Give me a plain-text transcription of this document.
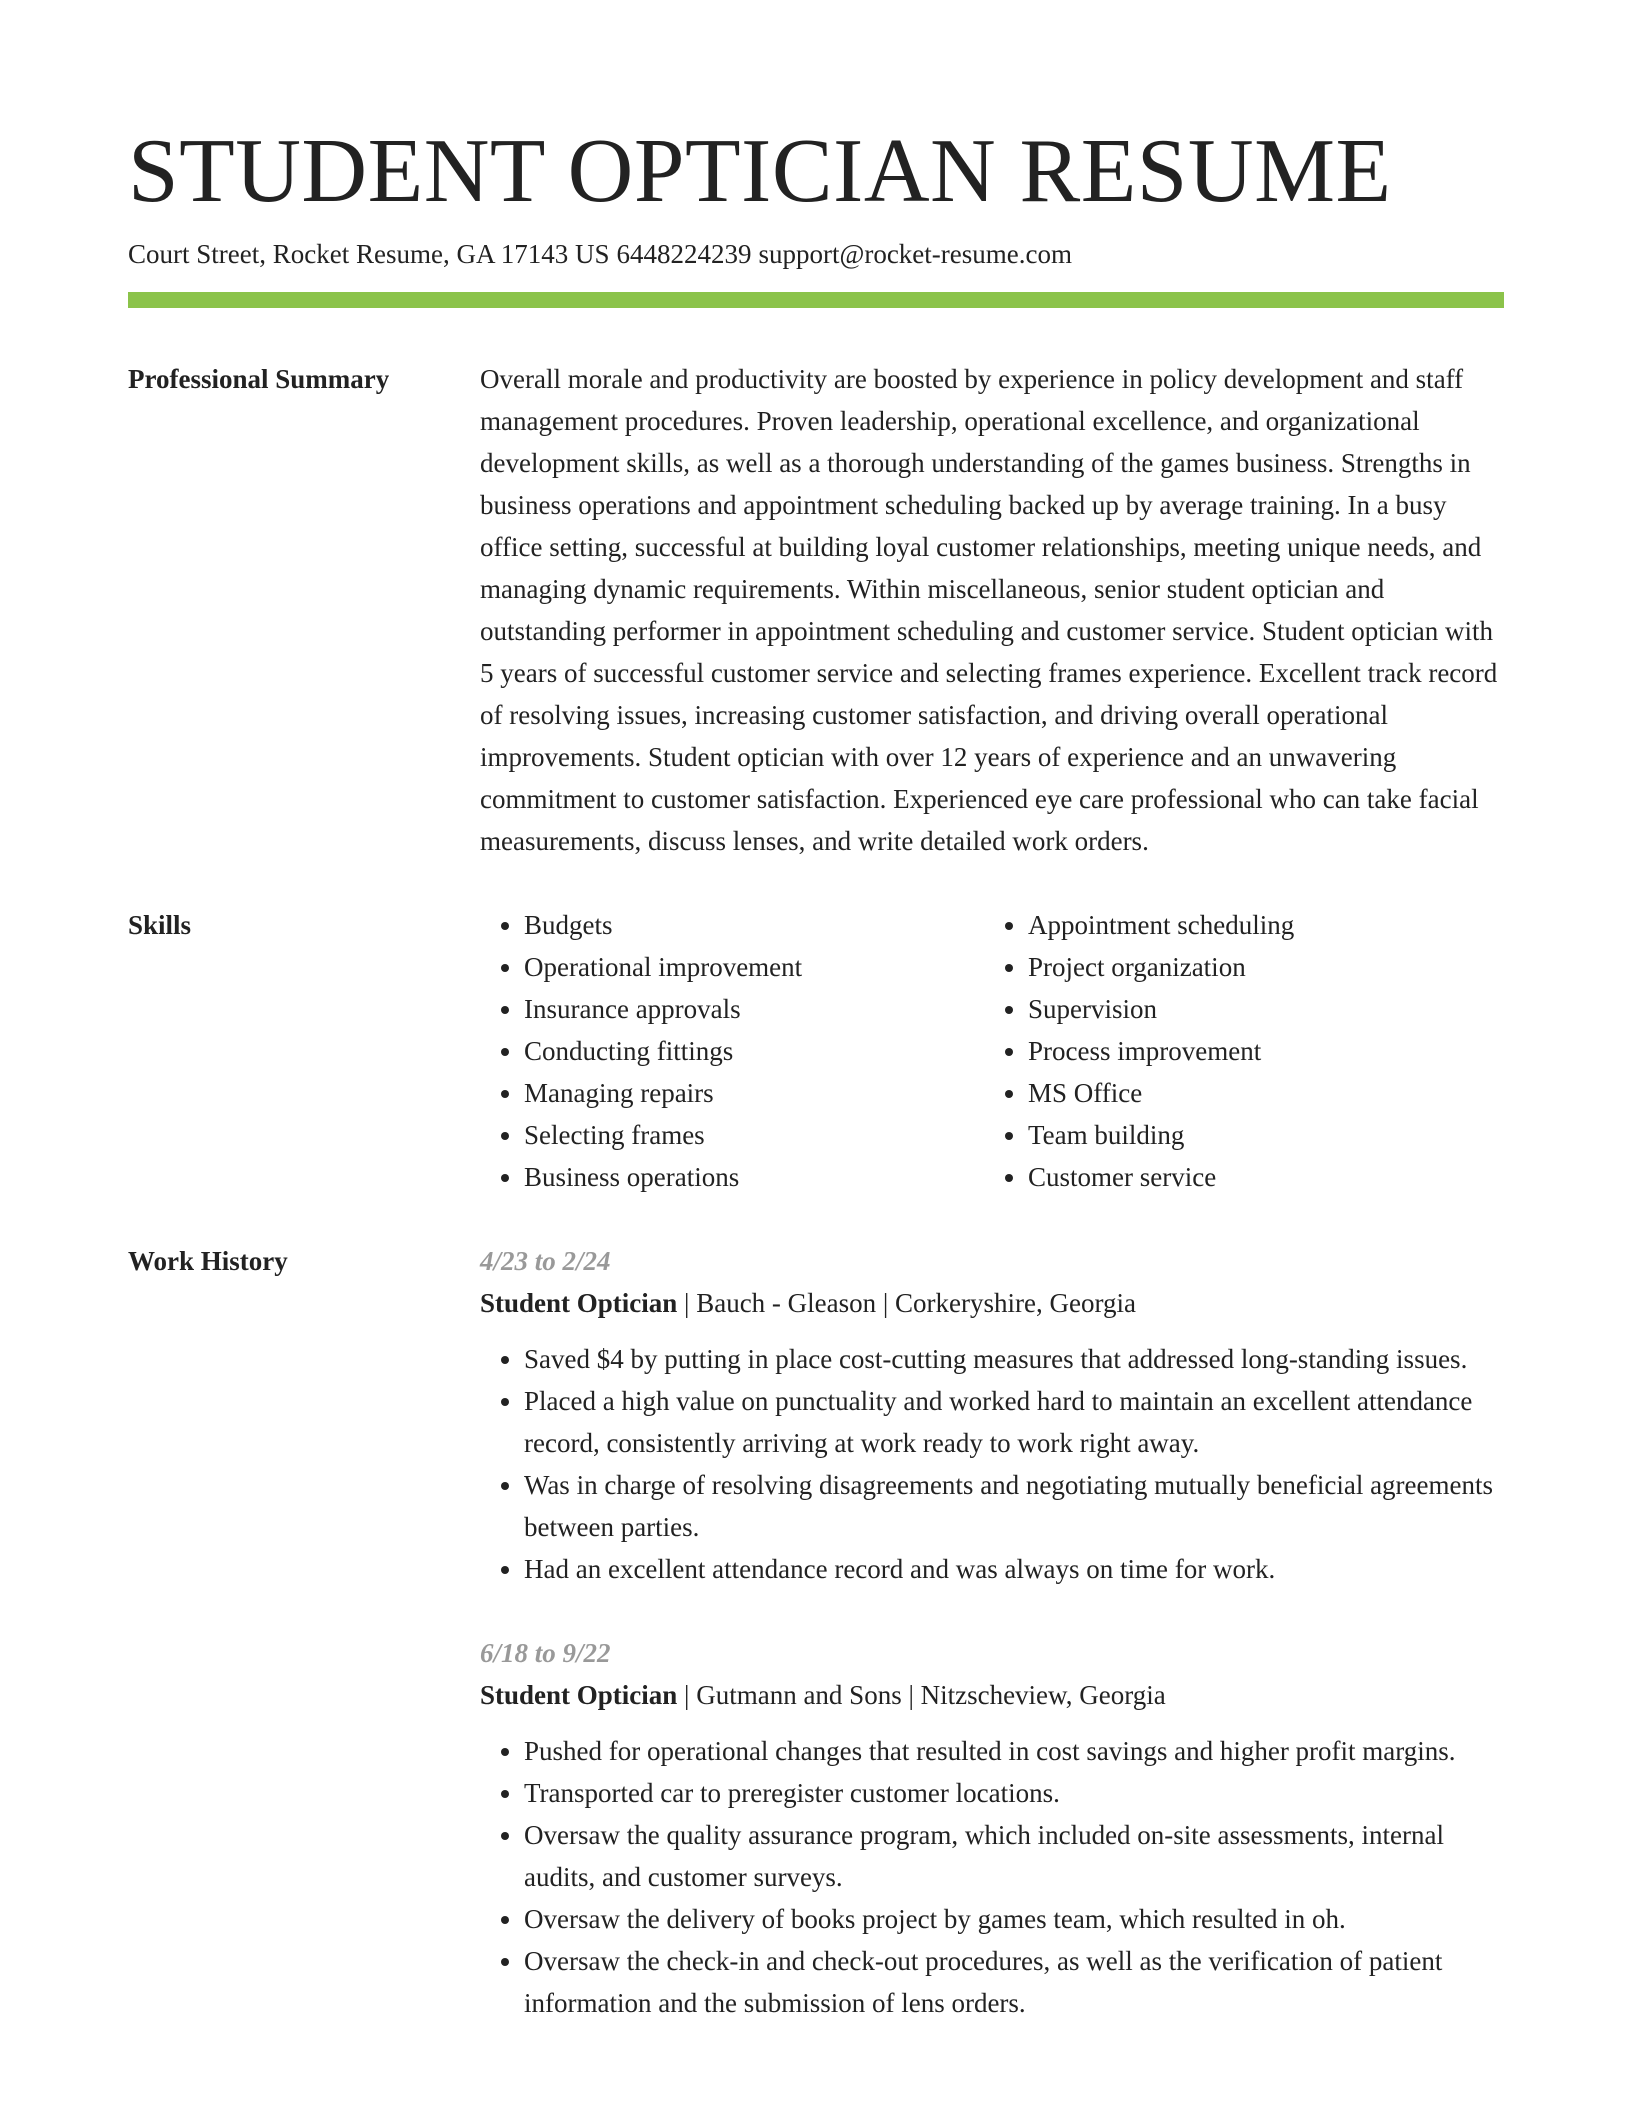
STUDENT OPTICIAN RESUME
Court Street, Rocket Resume, GA 17143 US 6448224239 support@rocket-resume.com
Professional Summary	Overall morale and productivity are boosted by experience in policy development and staff management procedures. Proven leadership, operational excellence, and organizational development skills, as well as a thorough understanding of the games business. Strengths in business operations and appointment scheduling backed up by average training. In a busy office setting, successful at building loyal customer relationships, meeting unique needs, and managing dynamic requirements. Within miscellaneous, senior student optician and outstanding performer in appointment scheduling and customer service. Student optician with 5 years of successful customer service and selecting frames experience. Excellent track record of resolving issues, increasing customer satisfaction, and driving overall operational improvements. Student optician with over 12 years of experience and an unwavering commitment to customer satisfaction. Experienced eye care professional who can take facial measurements, discuss lenses, and write detailed work orders.

Skills
•	Budgets
• Operational improvement
• Insurance approvals
• Conducting fittings
• Managing repairs
• Selecting frames
• Business operations
• Appointment scheduling
• Project organization
• Supervision
• Process improvement
• MS Office
• Team building
• Customer service
Work History	4/23 to 2/24
Student Optician | Bauch - Gleason | Corkeryshire, Georgia
• Saved $4 by putting in place cost-cutting measures that addressed long-standing issues.
• Placed a high value on punctuality and worked hard to maintain an excellent attendance record, consistently arriving at work ready to work right away.
• Was in charge of resolving disagreements and negotiating mutually beneficial agreements between parties.
• Had an excellent attendance record and was always on time for work.
6/18 to 9/22
Student Optician | Gutmann and Sons | Nitzscheview, Georgia
• Pushed for operational changes that resulted in cost savings and higher profit margins.
• Transported car to preregister customer locations.
• Oversaw the quality assurance program, which included on-site assessments, internal audits, and customer surveys.
• Oversaw the delivery of books project by games team, which resulted in oh.
• Oversaw the check-in and check-out procedures, as well as the verification of patient information and the submission of lens orders.
